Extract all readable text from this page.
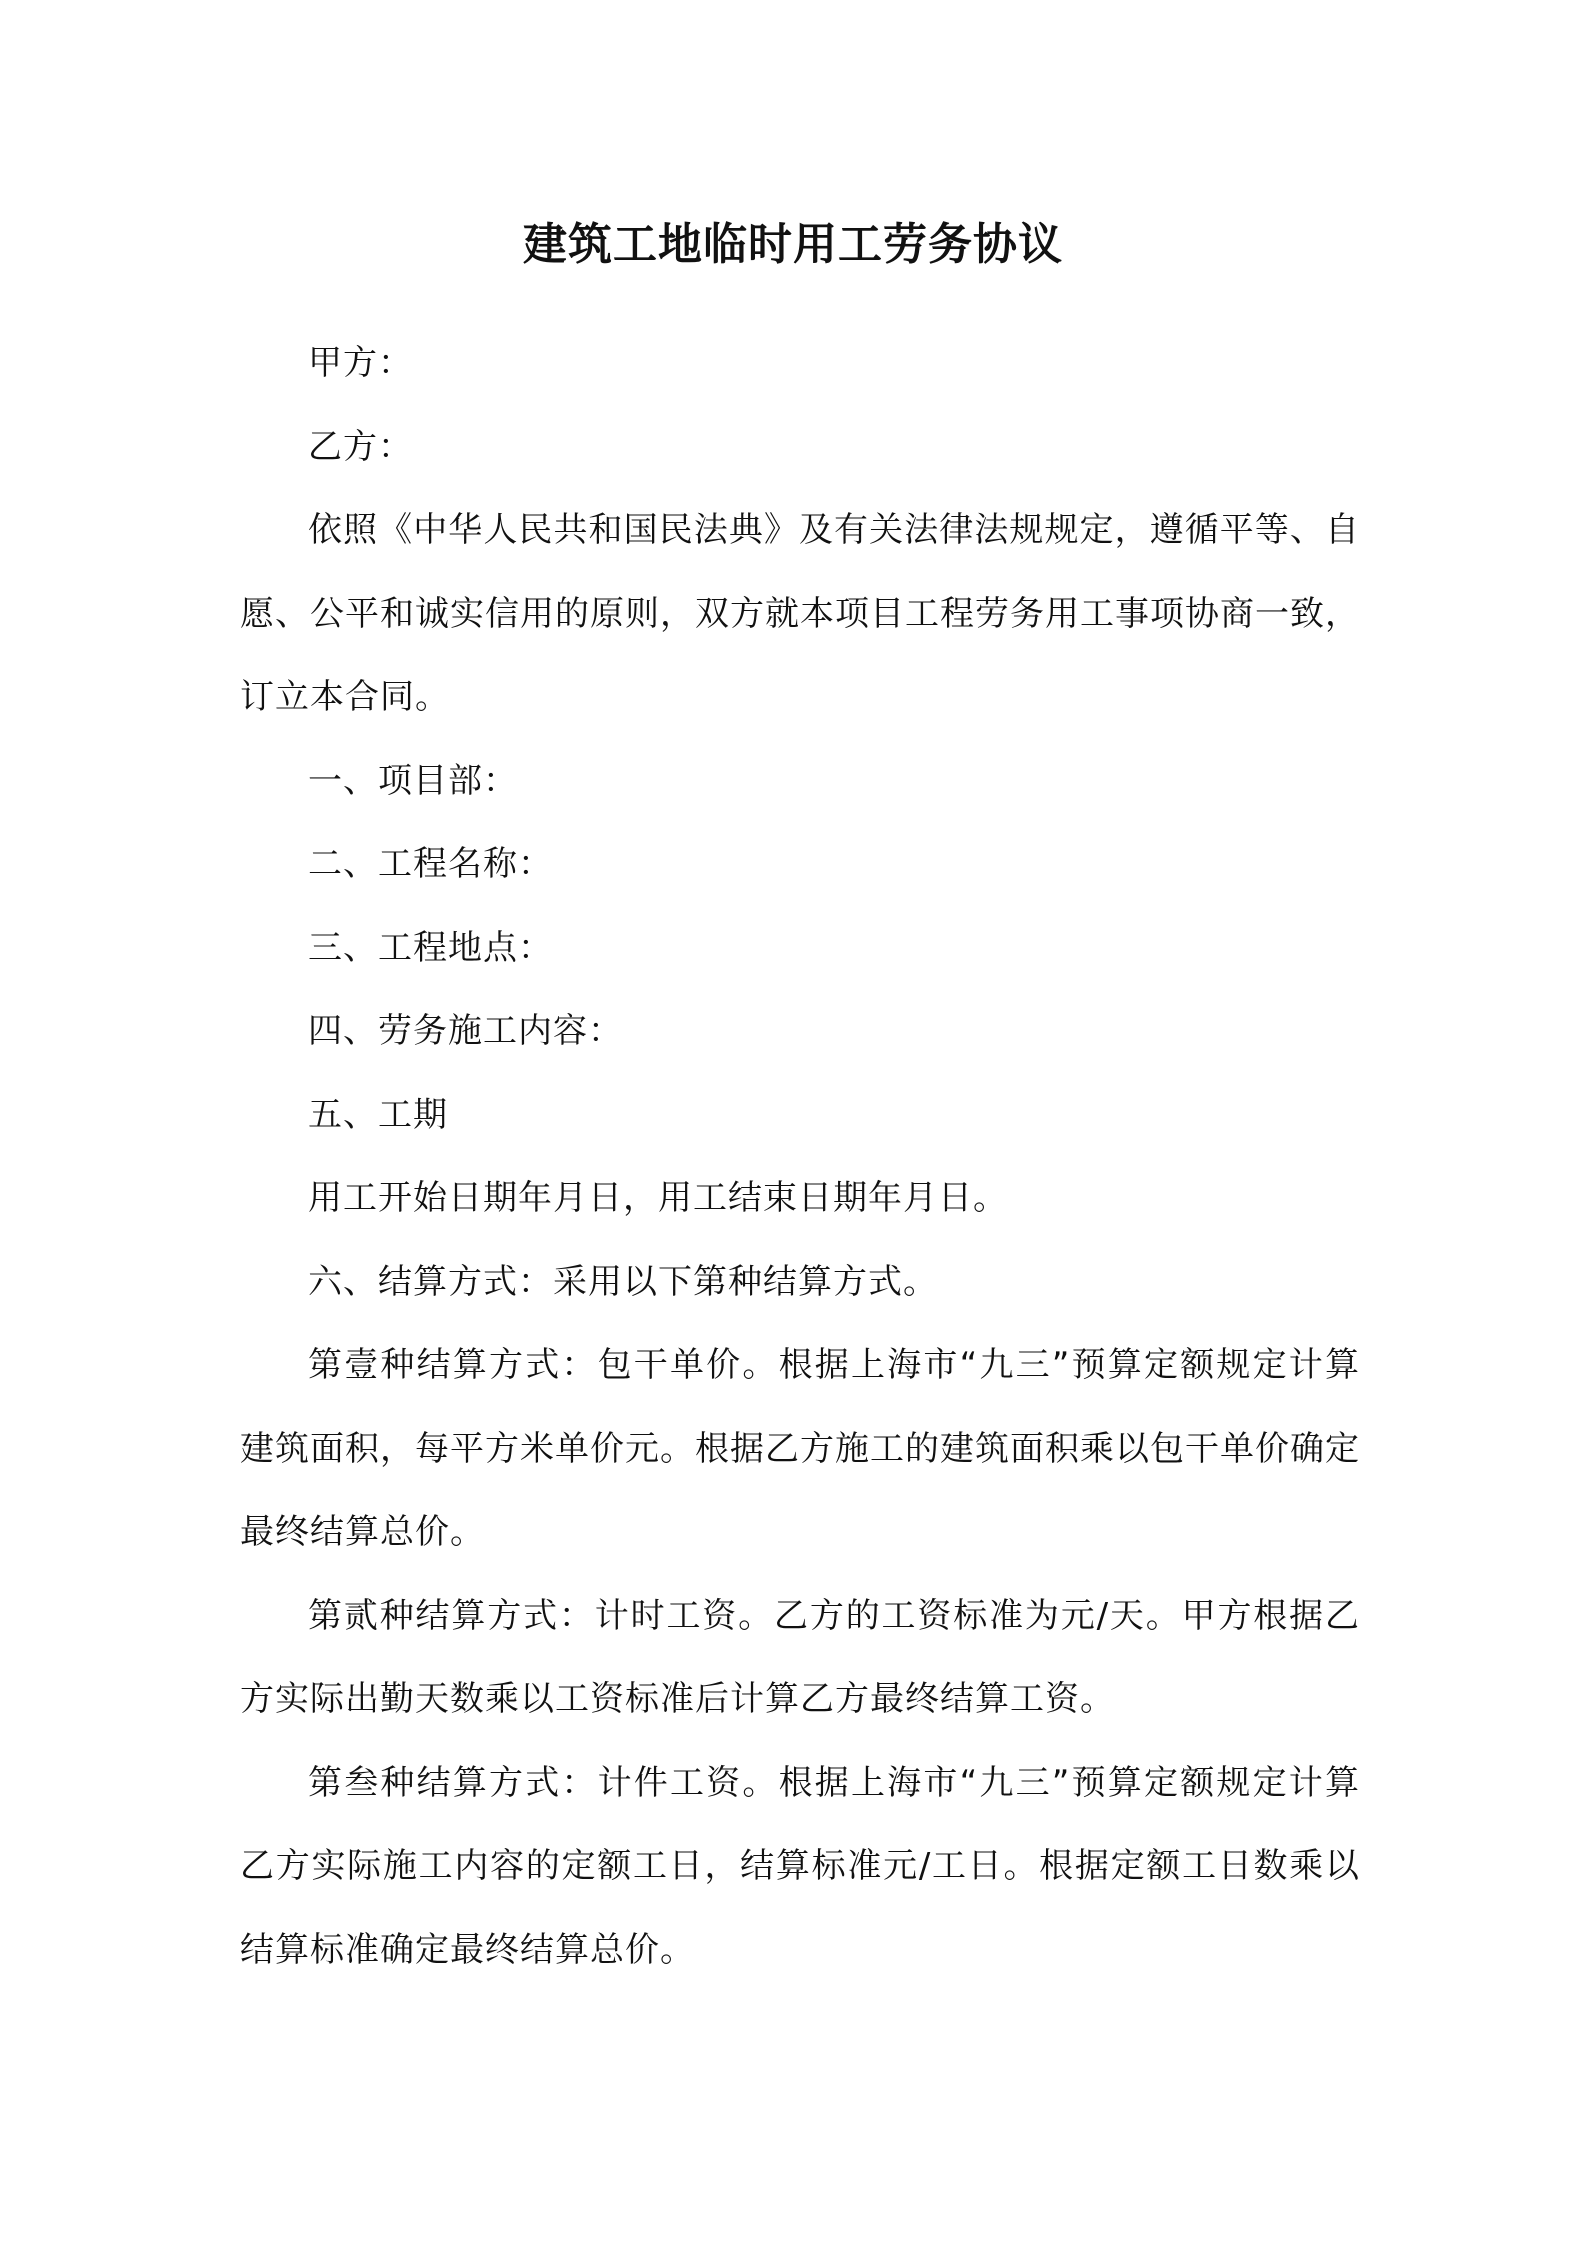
建筑工地临时用工劳务协议

甲方：

乙方：

依照《中华人民共和国民法典》及有关法律法规规定，遵循平等、自愿、公平和诚实信用的原则，双方就本项目工程劳务用工事项协商一致，订立本合同。

一、项目部：

二、工程名称：

三、工程地点：

四、劳务施工内容：

五、工期

用工开始日期年月日，用工结束日期年月日。

六、结算方式：采用以下第种结算方式。

第壹种结算方式：包干单价。根据上海市“九三”预算定额规定计算建筑面积，每平方米单价元。根据乙方施工的建筑面积乘以包干单价确定最终结算总价。

第贰种结算方式：计时工资。乙方的工资标准为元/天。甲方根据乙方实际出勤天数乘以工资标准后计算乙方最终结算工资。

第叁种结算方式：计件工资。根据上海市“九三”预算定额规定计算乙方实际施工内容的定额工日，结算标准元/工日。根据定额工日数乘以结算标准确定最终结算总价。
